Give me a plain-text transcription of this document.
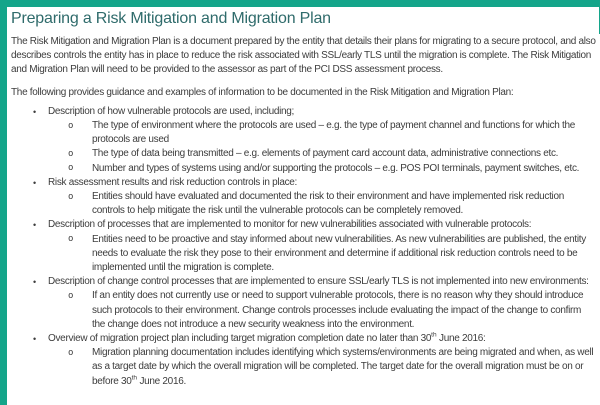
Preparing a Risk Mitigation and Migration Plan

The Risk Mitigation and Migration Plan is a document prepared by the entity that details their plans for migrating to a secure protocol, and also describes controls the entity has in place to reduce the risk associated with SSL/early TLS until the migration is complete. The Risk Mitigation and Migration Plan will need to be provided to the assessor as part of the PCI DSS assessment process.

The following provides guidance and examples of information to be documented in the Risk Mitigation and Migration Plan:

• Description of how vulnerable protocols are used, including;
o The type of environment where the protocols are used – e.g. the type of payment channel and functions for which the protocols are used
o The type of data being transmitted – e.g. elements of payment card account data, administrative connections etc.
o Number and types of systems using and/or supporting the protocols – e.g. POS POI terminals, payment switches, etc.
• Risk assessment results and risk reduction controls in place:
o Entities should have evaluated and documented the risk to their environment and have implemented risk reduction controls to help mitigate the risk until the vulnerable protocols can be completely removed.
• Description of processes that are implemented to monitor for new vulnerabilities associated with vulnerable protocols:
o Entities need to be proactive and stay informed about new vulnerabilities. As new vulnerabilities are published, the entity needs to evaluate the risk they pose to their environment and determine if additional risk reduction controls need to be implemented until the migration is complete.
• Description of change control processes that are implemented to ensure SSL/early TLS is not implemented into new environments:
o If an entity does not currently use or need to support vulnerable protocols, there is no reason why they should introduce such protocols to their environment. Change controls processes include evaluating the impact of the change to confirm the change does not introduce a new security weakness into the environment.
• Overview of migration project plan including target migration completion date no later than 30th June 2016:
o Migration planning documentation includes identifying which systems/environments are being migrated and when, as well as a target date by which the overall migration will be completed. The target date for the overall migration must be on or before 30th June 2016.
